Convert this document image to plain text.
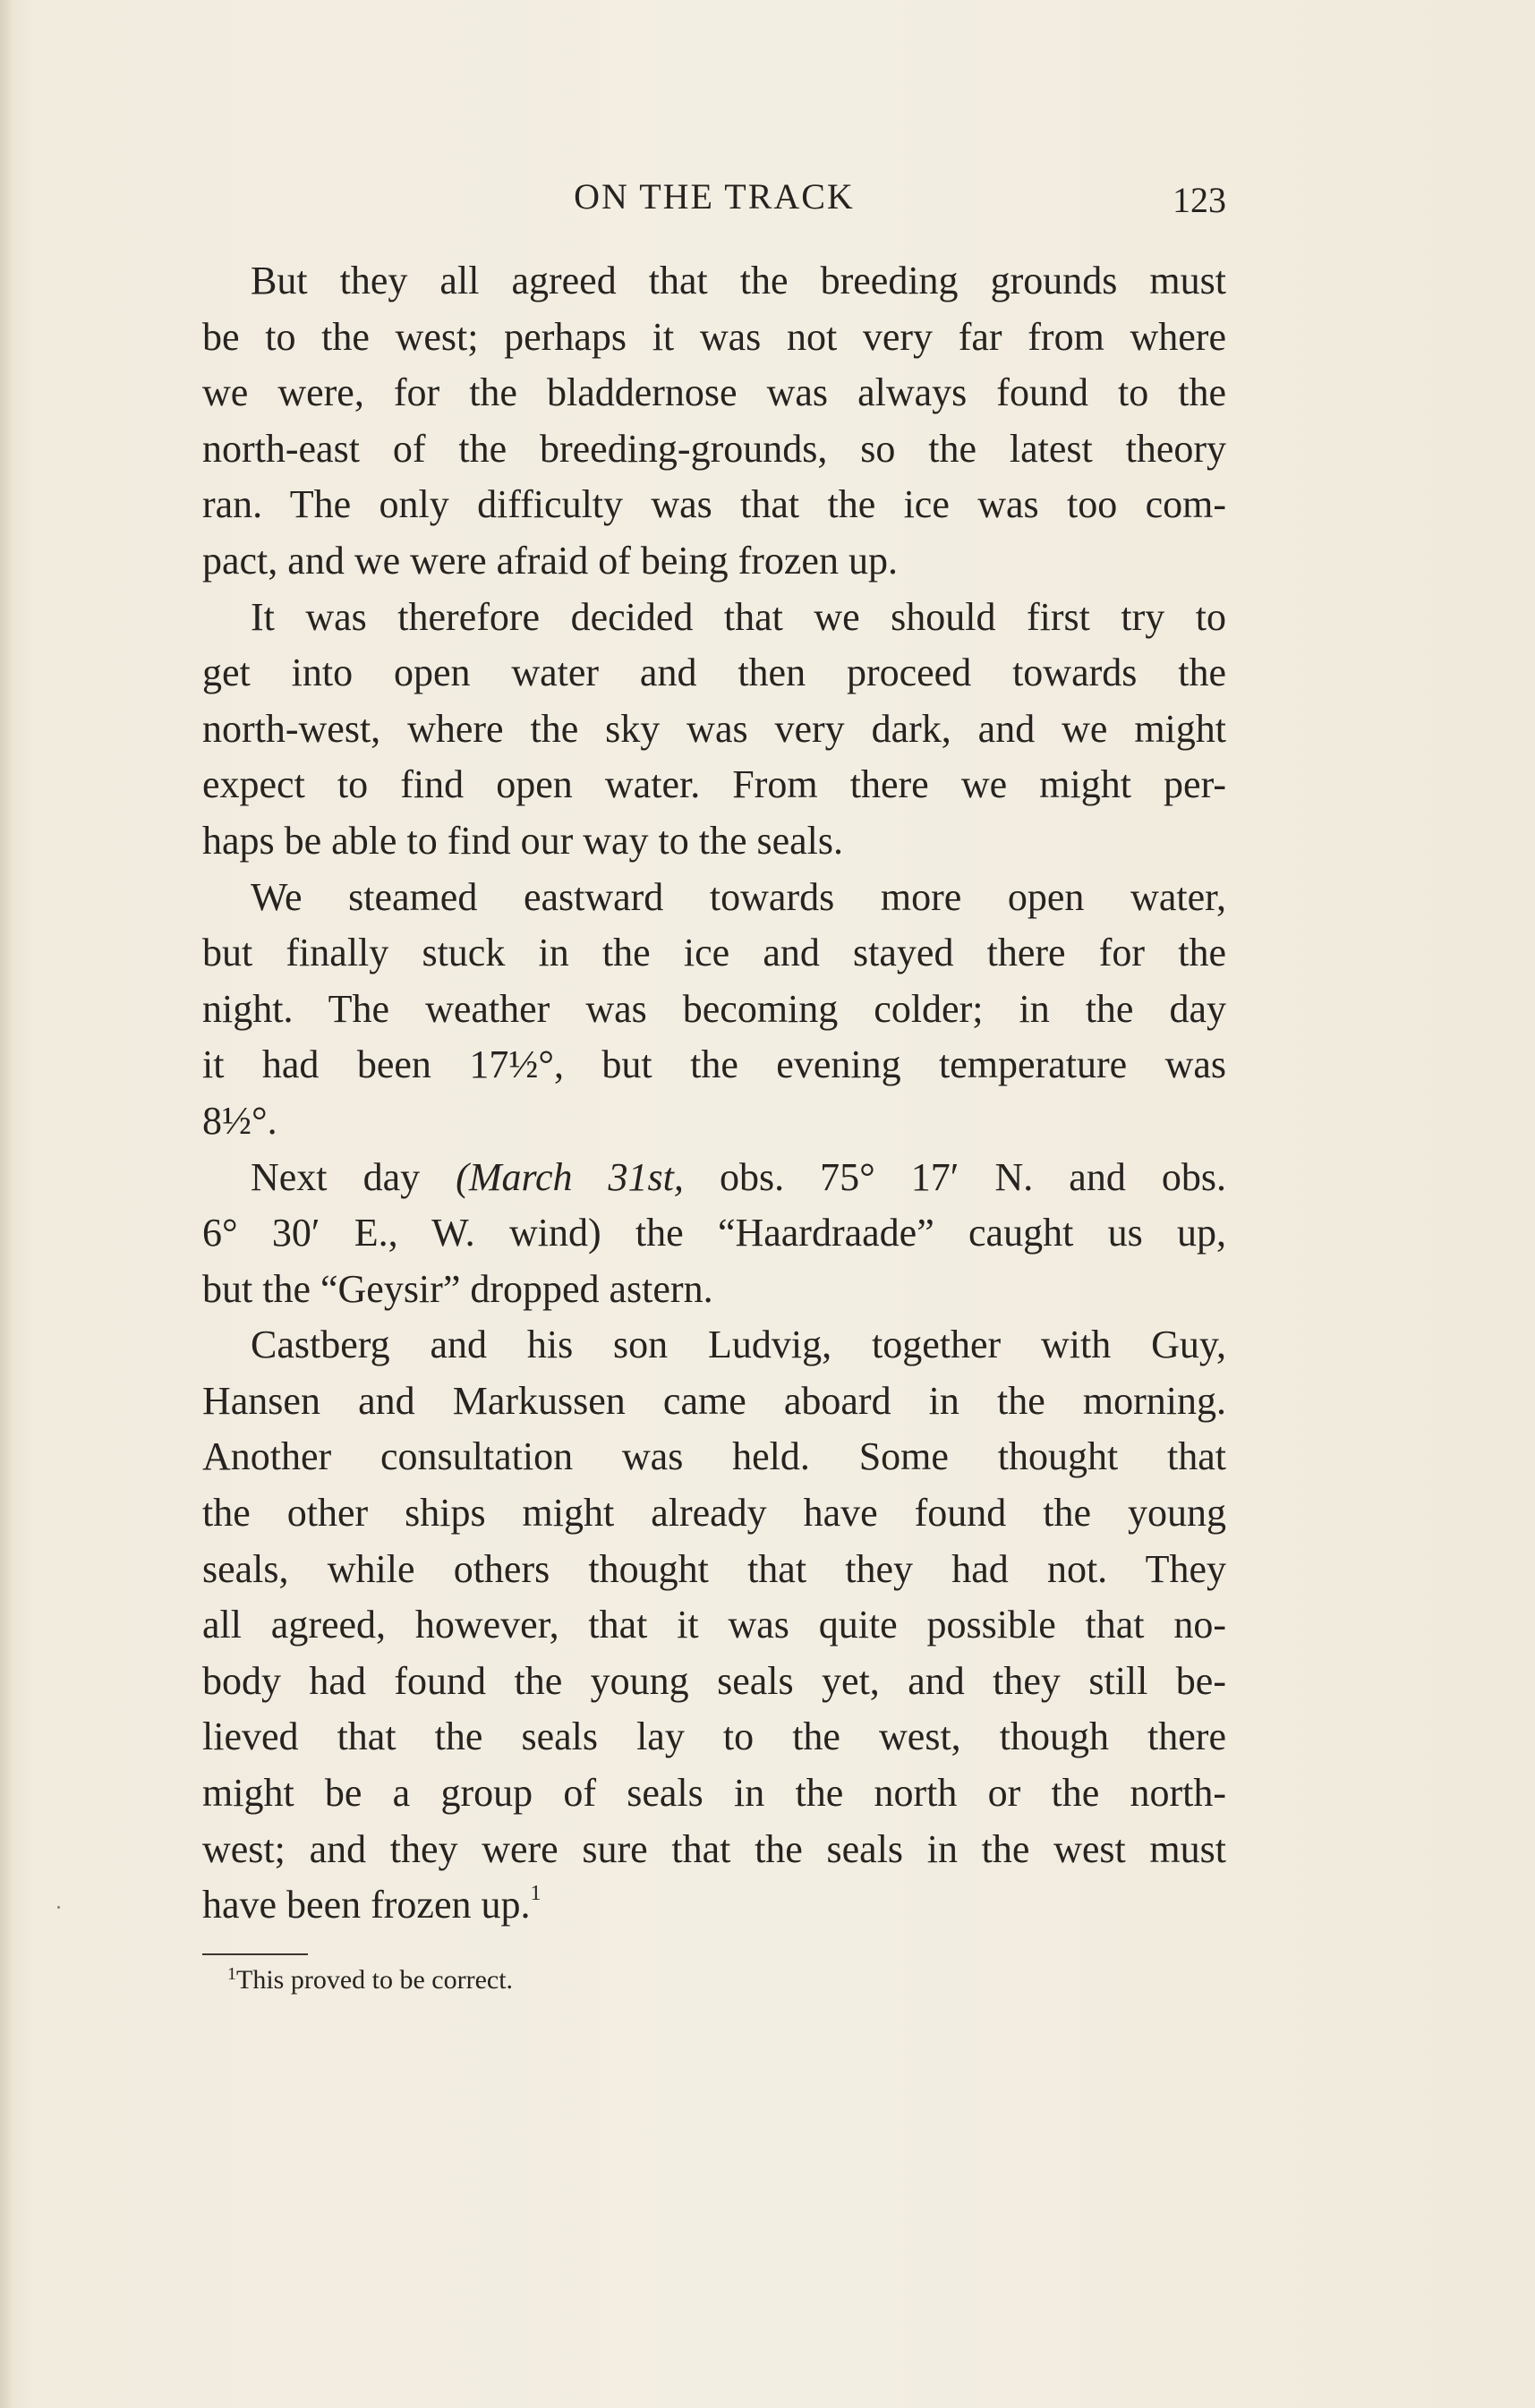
ON THE TRACK	123
But they all agreed that the breeding grounds must
be to the west; perhaps it was not very far from where
we were, for the bladdernose was always found to the
north-east of the breeding-grounds, so the latest theory
ran. The only difficulty was that the ice was too com-
pact, and we were afraid of being frozen up.
It was therefore decided that we should first try to
get into open water and then proceed towards the
north-west, where the sky was very dark, and we might
expect to find open water. From there we might per-
haps be able to find our way to the seals.
We steamed eastward towards more open water,
but finally stuck in the ice and stayed there for the
night. The weather was becoming colder; in the day
it had been 17½°, but the evening temperature was
8½°.
Next day (March 31st, obs. 75° 17′ N. and obs.
6° 30′ E., W. wind) the “Haardraade” caught us up,
but the “Geysir” dropped astern.
Castberg and his son Ludvig, together with Guy,
Hansen and Markussen came aboard in the morning.
Another consultation was held. Some thought that
the other ships might already have found the young
seals, while others thought that they had not. They
all agreed, however, that it was quite possible that no-
body had found the young seals yet, and they still be-
lieved that the seals lay to the west, though there
might be a group of seals in the north or the north-
west; and they were sure that the seals in the west must
have been frozen up.$^1$
$^1$This proved to be correct.
